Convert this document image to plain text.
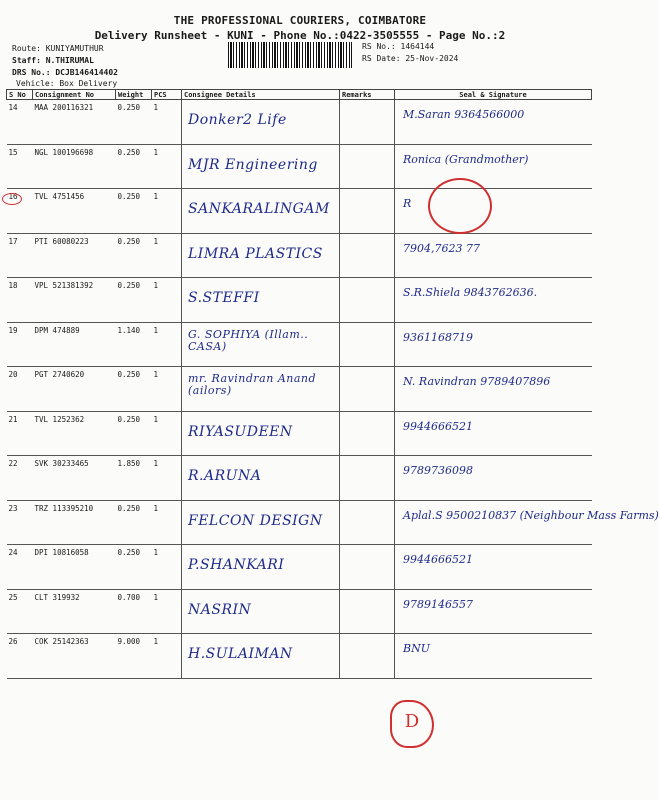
THE PROFESSIONAL COURIERS, COIMBATORE
Delivery Runsheet - KUNI - Phone No.:0422-3505555 - Page No.:2
Route: KUNIYAMUTHUR
Staff: N.THIRUMAL
DRS No.: DCJB146414402
Vehicle: Box Delivery
RS No.: 1464144
RS Date: 25-Nov-2024
S No	Consignment No	Weight	PCS	Consignee Details	Remarks	Seal & Signature
14	MAA 200116321	0.250	1	Donker2 Life		M.Saran 9364566000

15	NGL 100196698	0.250	1	MJR Engineering		Ronica (Grandmother)

16	TVL 4751456	0.250	1	SANKARALINGAM		R

17	PTI 60080223	0.250	1	LIMRA PLASTICS		7904,7623 77

18	VPL 521381392	0.250	1	S.STEFFI		S.R.Shiela 9843762636.

19	DPM 474889	1.140	1	G. SOPHIYA (Illam.. CASA)		9361168719

20	PGT 2740620	0.250	1	mr. Ravindran Anand (ailors)		N. Ravindran 9789407896

21	TVL 1252362	0.250	1	RIYASUDEEN		9944666521

22	SVK 30233465	1.850	1	R.ARUNA		9789736098

23	TRZ 113395210	0.250	1	FELCON DESIGN		Aplal.S 9500210837 (Neighbour Mass Farms)

24	DPI 10816058	0.250	1	P.SHANKARI		9944666521

25	CLT 319932	0.700	1	NASRIN		9789146557

26	COK 25142363	9.000	1	H.SULAIMAN		BNU
D
